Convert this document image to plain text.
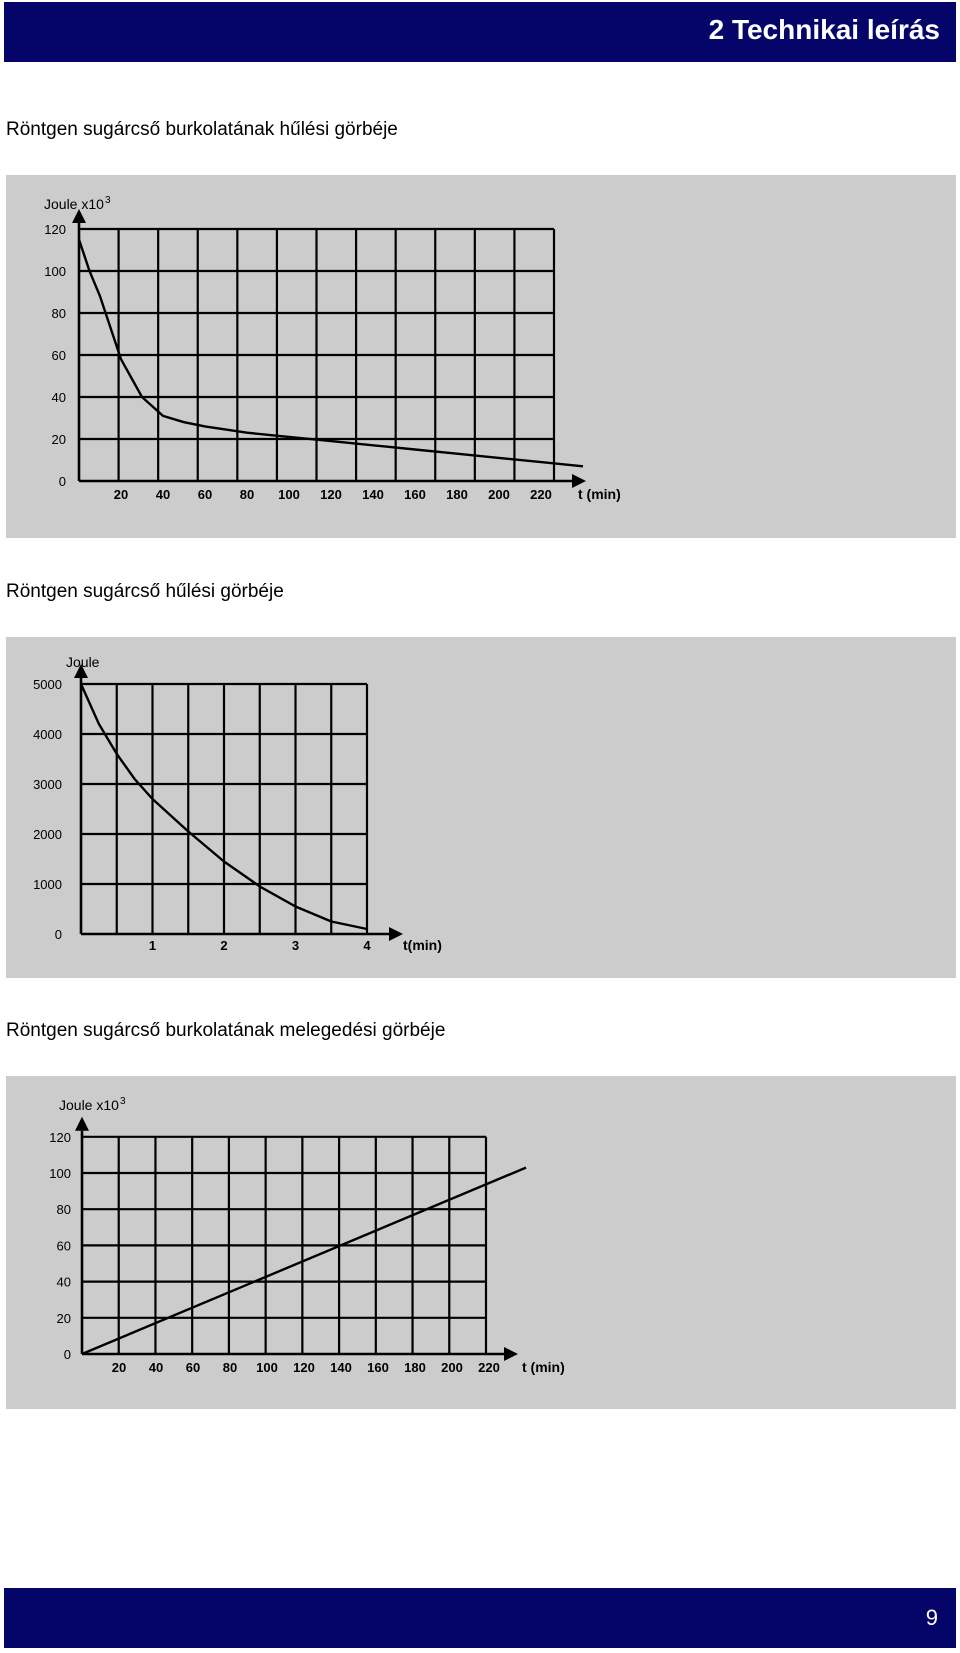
2 Technikai leírás
Röntgen sugárcső burkolatának hűlési görbéje
0
20
40
60
80
100
120
20 40 60 80 100 120 140 160 180 200 220 t (min)
Joule x10 3
Röntgen sugárcső hűlési görbéje
0
1000
2000
3000
4000
5000
1	2	3	4 t(min)
Joule
Röntgen sugárcső burkolatának melegedési görbéje
0
20
40
60
80
100
120
20 40 60 80 100 120 140 160 180 200 220 t (min)
Joule x10 3
9
